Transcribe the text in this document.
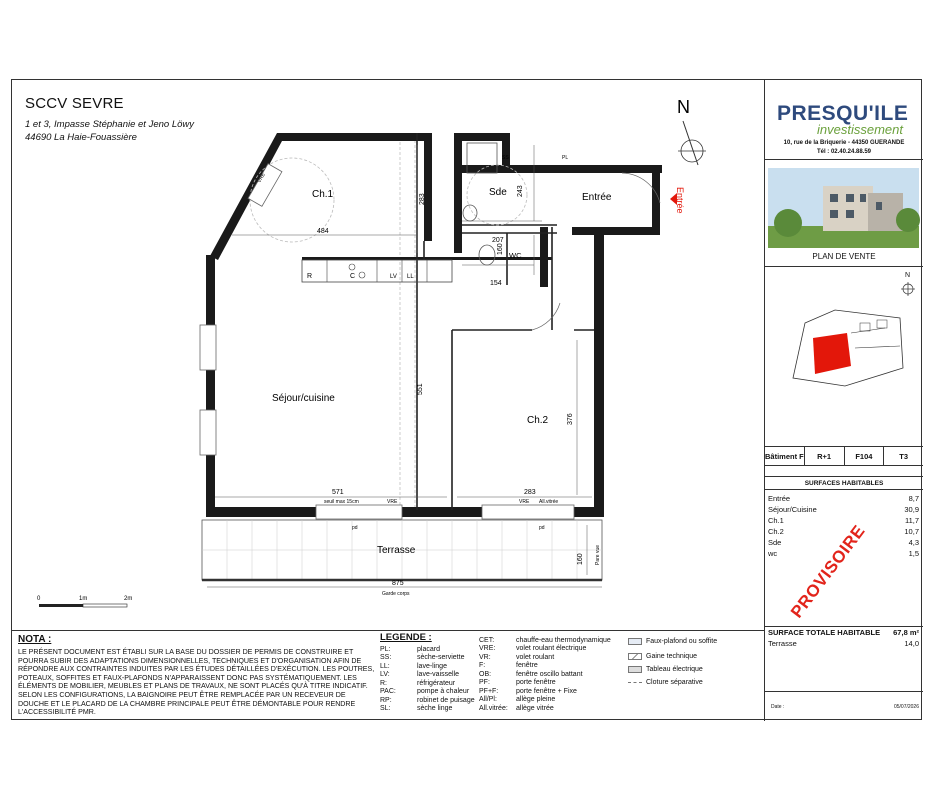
SCCV SEVRE
1 et 3, Impasse Stéphanie et Jeno Löwy
44690 La Haie-Fouassière
N
Ch.1	Sde	Entrée
WC
Séjour/cuisine
Ch.2
Terrasse
484
283
207
243
154
160
551
571	283
376
875
160
R	C	LL
LV
VRE
VRE	VRE
seuil max 15cm	All.vitrée
pd	pd
Garde corps
Pare vue
PL
SS
Entrée
0	1m	2m
NOTA :
LE PRÉSENT DOCUMENT EST ÉTABLI SUR LA BASE DU DOSSIER DE PERMIS DE CONSTRUIRE ET POURRA SUBIR DES ADAPTATIONS DIMENSIONNELLES, TECHNIQUES ET D'ORGANISATION AFIN DE RÉPONDRE AUX CONTRAINTES INDUITES PAR LES ÉTUDES DÉTAILLÉES D'EXÉCUTION. LES POUTRES, POTEAUX, SOFFITES ET FAUX-PLAFONDS N'APPARAISSENT DONC PAS SYSTÉMATIQUEMENT. LES ÉLÉMENTS DE MOBILIER, MEUBLES ET PLANS DE TRAVAUX, NE SONT PLACÉS QU'À TITRE INDICATIF. SELON LES CONFIGURATIONS, LA BAIGNOIRE PEUT ÊTRE REMPLACÉE PAR UN RECEVEUR DE DOUCHE ET LE PLACARD DE LA CHAMBRE PRINCIPALE PEUT ÊTRE DÉMONTABLE POUR RENDRE L'ACCESSIBILITÉ PMR.
LEGENDE :
PL:	placard
SS:	sèche-serviette
LL:	lave-linge
LV:	lave-vaisselle
R:	réfrigérateur
PAC:	pompe à chaleur
RP:	robinet de puisage
SL:	sèche linge
CET:	chauffe-eau thermodynamique
VRE:	volet roulant électrique
VR:	volet roulant
F:	fenêtre
OB:	fenêtre oscillo battant
PF:	porte fenêtre
PF+F:	porte fenêtre + Fixe
All/Pl:	allège pleine
All.vitrée: allège vitrée
Faux-plafond ou soffite
Gaine technique
Tableau électrique
Cloture séparative
PRESQU'ILE
investissement
10, rue de la Briquerie - 44350 GUERANDE
Tél : 02.40.24.88.59
PLAN DE VENTE
N
Bâtiment F	R+1	F104	T3
SURFACES HABITABLES
Entrée	8,7
Séjour/Cuisine	30,9
Ch.1	11,7
Ch.2	10,7
Sde	4,3
wc	1,5
PROVISOIRE
SURFACE TOTALE HABITABLE 67,8 m²
Terrasse	14,0
Date :	05/07/2026
